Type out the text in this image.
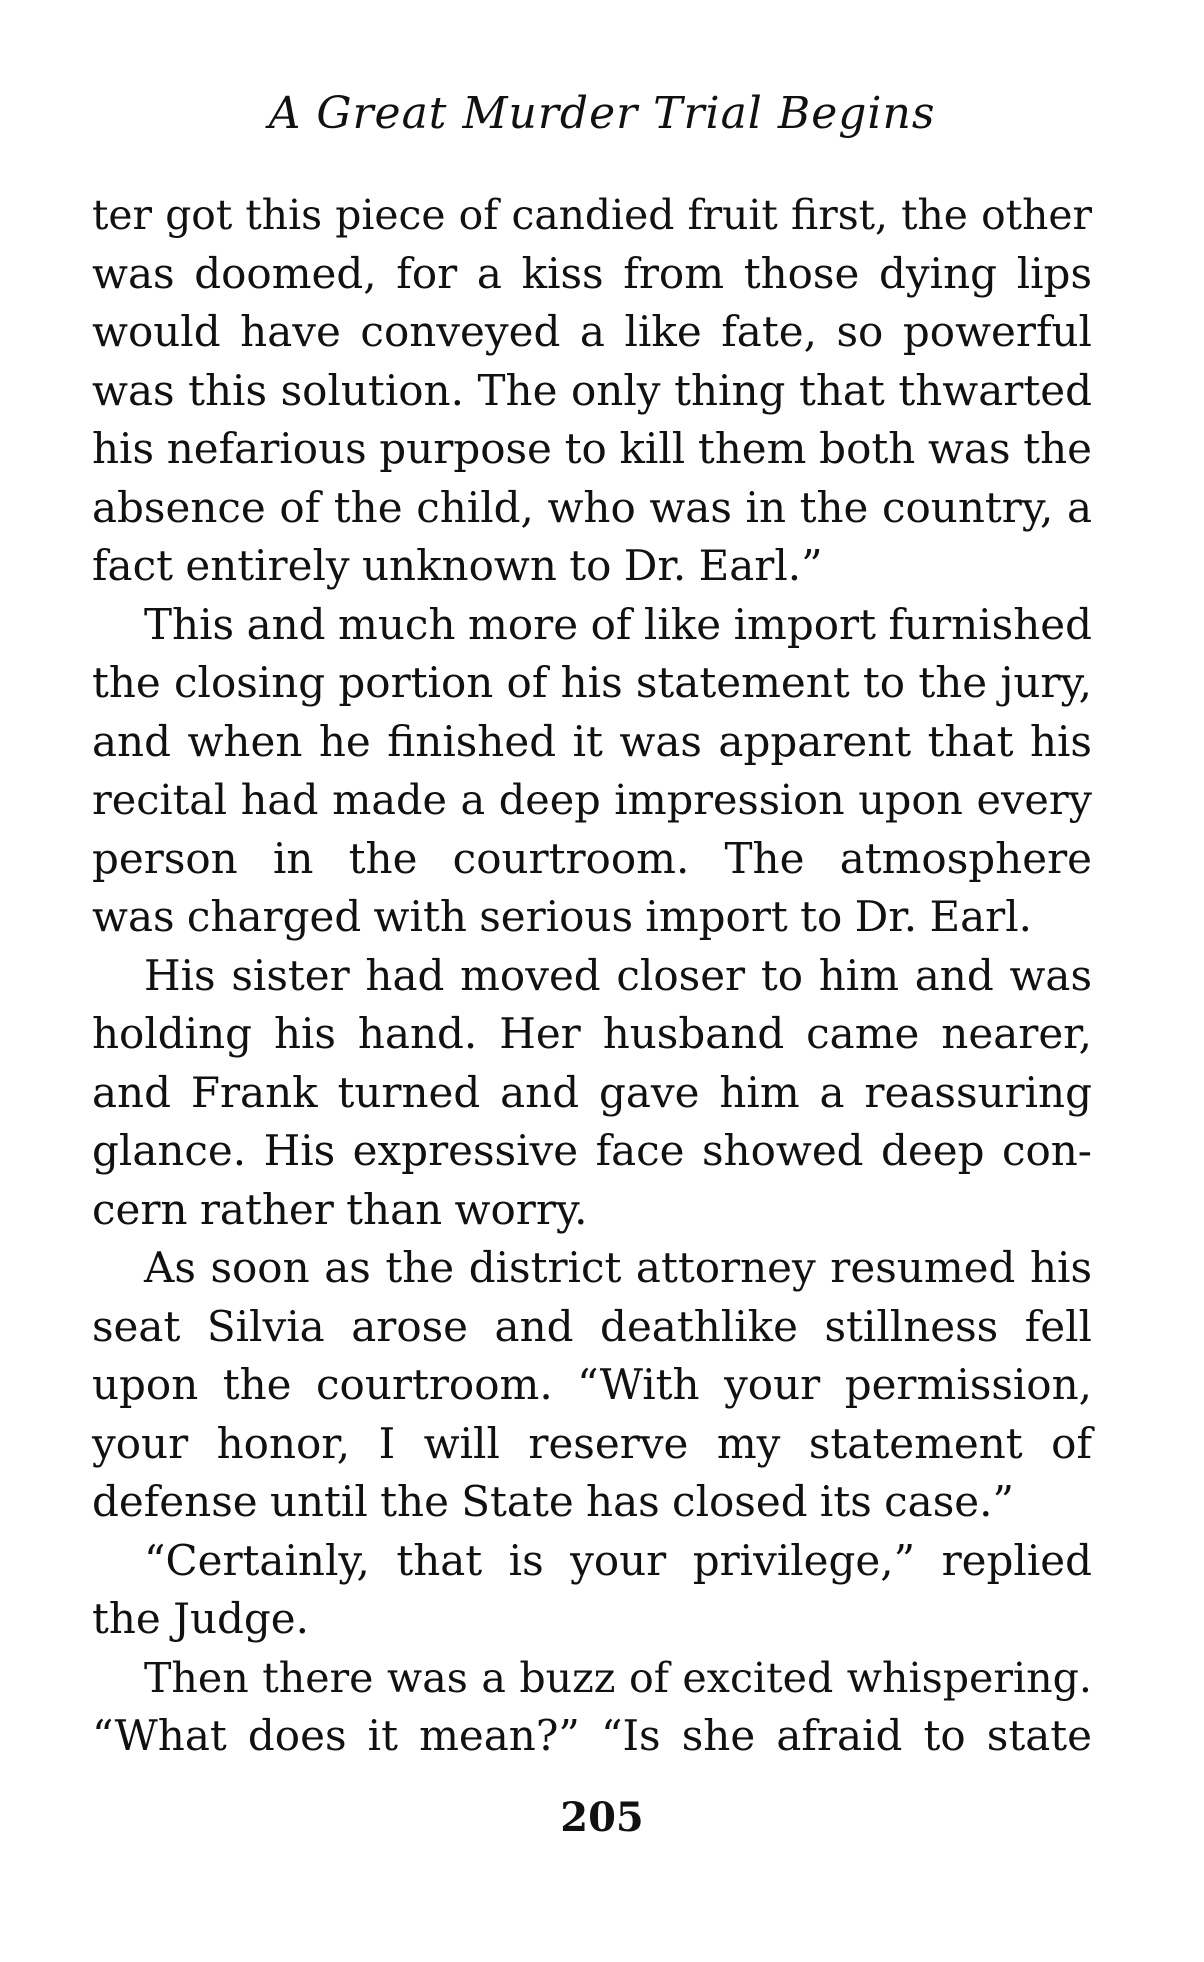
A Great Murder Trial Begins
ter got this piece of candied fruit first, the other
was doomed, for a kiss from those dying lips
would have conveyed a like fate, so powerful
was this solution. The only thing that thwarted
his nefarious purpose to kill them both was the
absence of the child, who was in the country, a
fact entirely unknown to Dr. Earl.”
This and much more of like import furnished
the closing portion of his statement to the jury,
and when he finished it was apparent that his
recital had made a deep impression upon every
person in the courtroom. The atmosphere
was charged with serious import to Dr. Earl.
His sister had moved closer to him and was
holding his hand. Her husband came nearer,
and Frank turned and gave him a reassuring
glance. His expressive face showed deep con-
cern rather than worry.
As soon as the district attorney resumed his
seat Silvia arose and deathlike stillness fell
upon the courtroom. “With your permission,
your honor, I will reserve my statement of
defense until the State has closed its case.”
“Certainly, that is your privilege,” replied
the Judge.
Then there was a buzz of excited whispering.
“What does it mean?” “Is she afraid to state
205
